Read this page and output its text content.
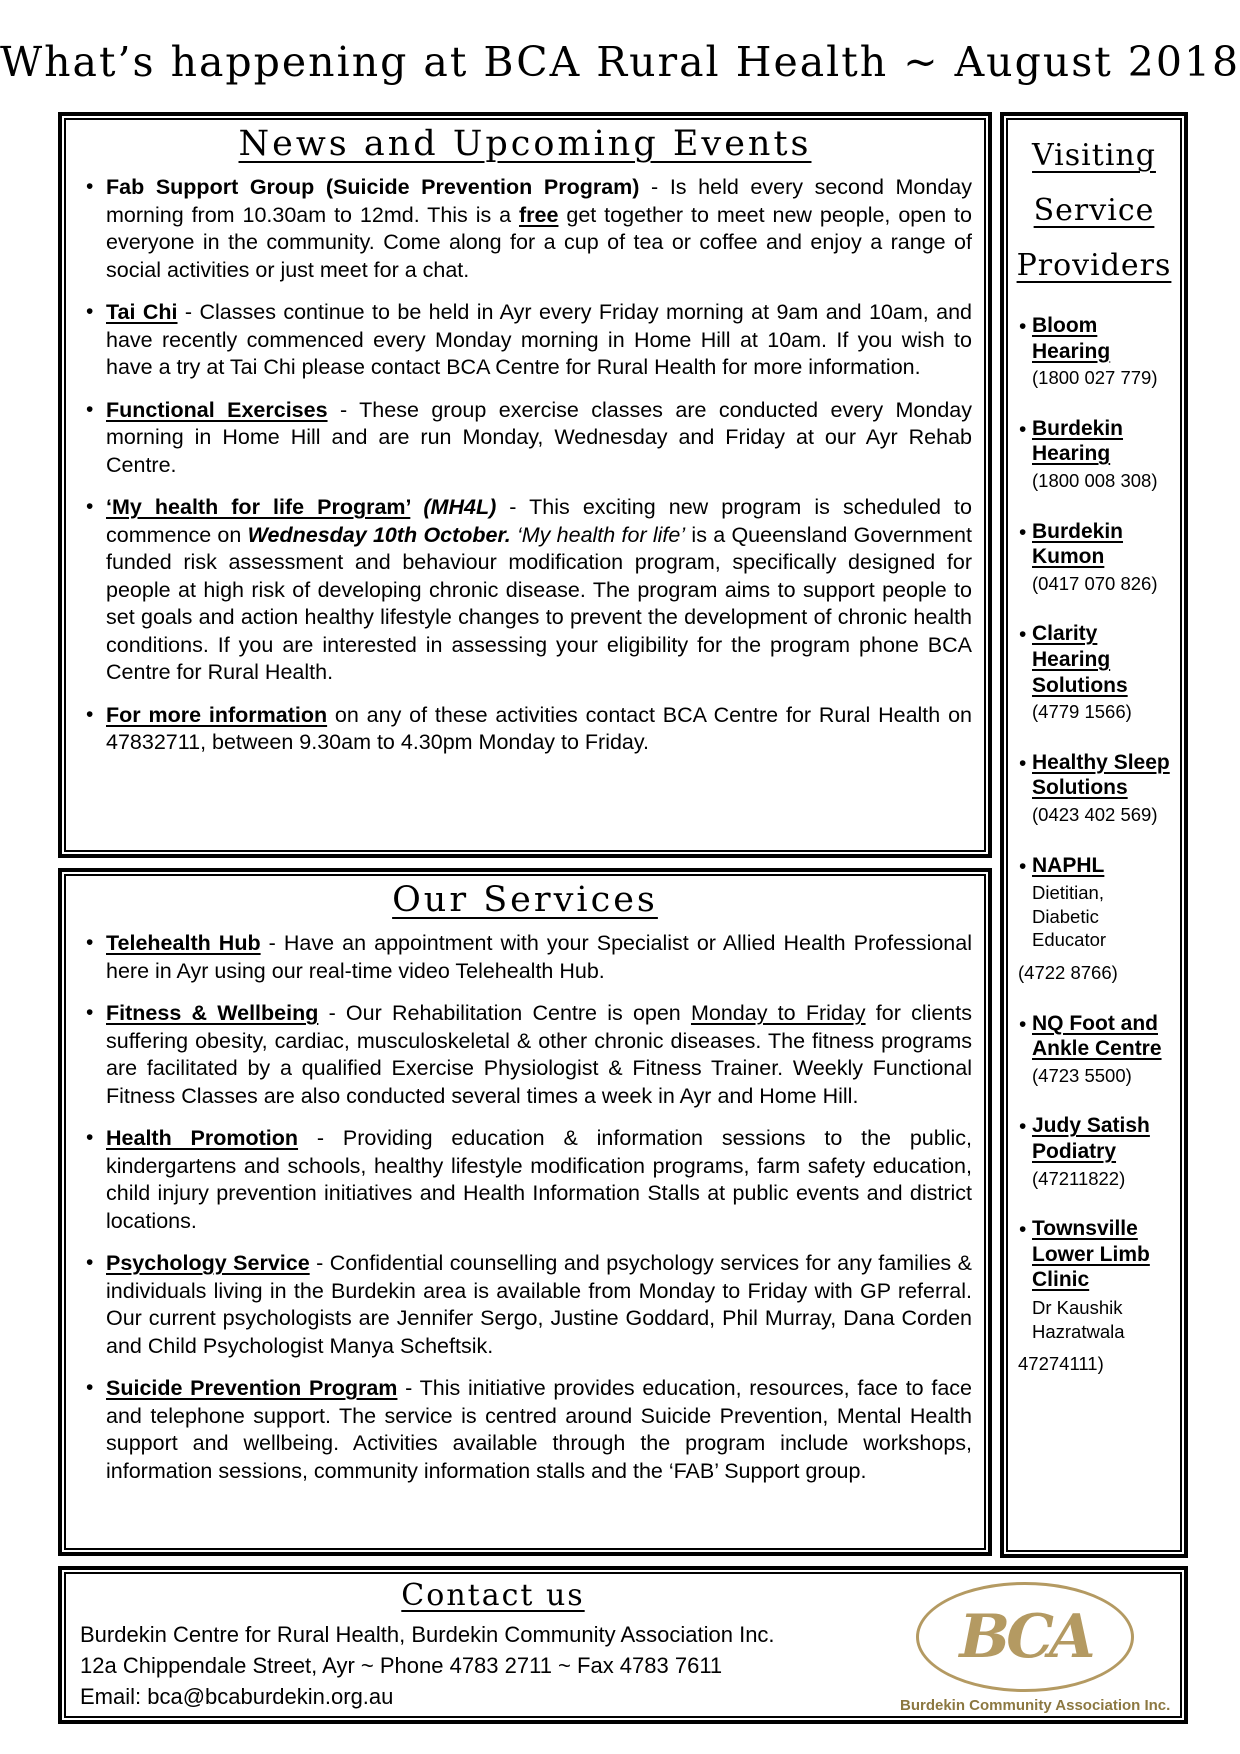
What’s happening at BCA Rural Health ~ August 2018
News and Upcoming Events
• Fab Support Group (Suicide Prevention Program) - Is held every second Monday morning from 10.30am to 12md. This is a free get together to meet new people, open to everyone in the community. Come along for a cup of tea or coffee and enjoy a range of social activities or just meet for a chat.
• Tai Chi - Classes continue to be held in Ayr every Friday morning at 9am and 10am, and have recently commenced every Monday morning in Home Hill at 10am. If you wish to have a try at Tai Chi please contact BCA Centre for Rural Health for more information.
• Functional Exercises - These group exercise classes are conducted every Monday morning in Home Hill and are run Monday, Wednesday and Friday at our Ayr Rehab Centre.
• ‘My health for life Program’ (MH4L) - This exciting new program is scheduled to commence on Wednesday 10th October. ‘My health for life’ is a Queensland Government funded risk assessment and behaviour modification program, specifically designed for people at high risk of developing chronic disease. The program aims to support people to set goals and action healthy lifestyle changes to prevent the development of chronic health conditions. If you are interested in assessing your eligibility for the program phone BCA Centre for Rural Health.
• For more information on any of these activities contact BCA Centre for Rural Health on 47832711, between 9.30am to 4.30pm Monday to Friday.
Our Services
• Telehealth Hub - Have an appointment with your Specialist or Allied Health Professional here in Ayr using our real-time video Telehealth Hub.
• Fitness & Wellbeing - Our Rehabilitation Centre is open Monday to Friday for clients suffering obesity, cardiac, musculoskeletal & other chronic diseases. The fitness programs are facilitated by a qualified Exercise Physiologist & Fitness Trainer. Weekly Functional Fitness Classes are also conducted several times a week in Ayr and Home Hill.
• Health Promotion - Providing education & information sessions to the public, kindergartens and schools, healthy lifestyle modification programs, farm safety education, child injury prevention initiatives and Health Information Stalls at public events and district locations.
• Psychology Service - Confidential counselling and psychology services for any families & individuals living in the Burdekin area is available from Monday to Friday with GP referral. Our current psychologists are Jennifer Sergo, Justine Goddard, Phil Murray, Dana Corden and Child Psychologist Manya Scheftsik.
• Suicide Prevention Program - This initiative provides education, resources, face to face and telephone support. The service is centred around Suicide Prevention, Mental Health support and wellbeing. Activities available through the program include workshops, information sessions, community information stalls and the ‘FAB’ Support group.
Visiting
Service
Providers
• Bloom Hearing
(1800 027 779)
• Burdekin Hearing
(1800 008 308)
• Burdekin Kumon
(0417 070 826)
• Clarity Hearing Solutions
(4779 1566)
• Healthy Sleep Solutions
(0423 402 569)
• NAPHL
Dietitian, Diabetic Educator
(4722 8766)
• NQ Foot and Ankle Centre
(4723 5500)
• Judy Satish Podiatry
(47211822)
• Townsville Lower Limb Clinic
Dr Kaushik Hazratwala
47274111)
Contact us
Burdekin Centre for Rural Health, Burdekin Community Association Inc.
12a Chippendale Street, Ayr ~ Phone 4783 2711 ~ Fax 4783 7611
Email: bca@bcaburdekin.org.au
BCA
Burdekin Community Association Inc.
